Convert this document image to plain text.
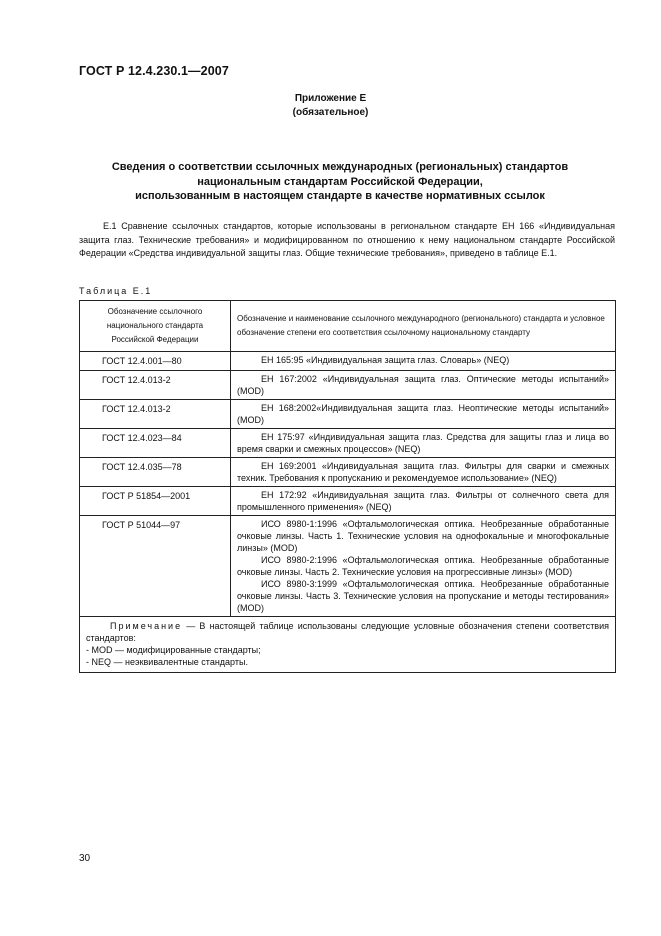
ГОСТ Р 12.4.230.1—2007
Приложение Е
(обязательное)
Сведения о соответствии ссылочных международных (региональных) стандартов
национальным стандартам Российской Федерации,
использованным в настоящем стандарте в качестве нормативных ссылок
Е.1 Сравнение ссылочных стандартов, которые использованы в региональном стандарте ЕН 166 «Индивидуальная защита глаз. Технические требования» и модифицированном по отношению к нему национальном стандарте Российской Федерации «Средства индивидуальной защиты глаз. Общие технические требования», приведено в таблице Е.1.
Таблица Е.1
Обозначение ссылочного национального стандарта Российской Федерации	Обозначение и наименование ссылочного международного (регионального) стандарта и условное обозначение степени его соответствия ссылочному национальному стандарту
ГОСТ 12.4.001—80	ЕН 165:95 «Индивидуальная защита глаз. Словарь» (NEQ)

ГОСТ 12.4.013-2	ЕН 167:2002 «Индивидуальная защита глаз. Оптические методы испытаний» (MOD)

ГОСТ 12.4.013-2	ЕН 168:2002«Индивидуальная защита глаз. Неоптические методы испытаний» (MOD)

ГОСТ 12.4.023—84	ЕН 175:97 «Индивидуальная защита глаз. Средства для защиты глаз и лица во время сварки и смежных процессов» (NEQ)

ГОСТ 12.4.035—78	ЕН 169:2001 «Индивидуальная защита глаз. Фильтры для сварки и смежных техник. Требования к пропусканию и рекомендуемое использование» (NEQ)

ГОСТ Р 51854—2001	ЕН 172:92 «Индивидуальная защита глаз. Фильтры от солнечного света для промышленного применения» (NEQ)

ГОСТ Р 51044—97	ИСО 8980-1:1996 «Офтальмологическая оптика. Необрезанные обработанные очковые линзы. Часть 1. Технические условия на однофокальные и многофокальные линзы» (MOD)
ИСО 8980-2:1996 «Офтальмологическая оптика. Необрезанные обработанные очковые линзы. Часть 2. Технические условия на прогрессивные линзы» (MOD)
ИСО 8980-3:1999 «Офтальмологическая оптика. Необрезанные обработанные очковые линзы. Часть 3. Технические условия на пропускание и методы тестирования» (MOD)

Примечание — В настоящей таблице использованы следующие условные обозначения степени соответствия стандартов:
- MOD — модифицированные стандарты;
- NEQ — неэквивалентные стандарты.	
30
